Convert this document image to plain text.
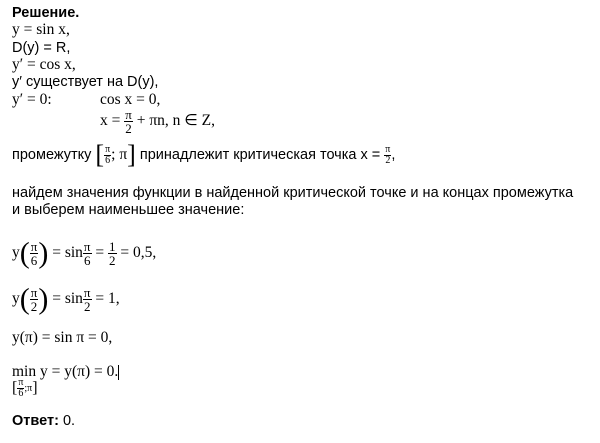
Решение.
y = sin x,
D(y) = R,
y′ = cos x,
y′ существует на D(y),
y′ = 0:	cos x = 0,
$x = \frac{\pi}{2} + \pi n$, n ∈ Z,
промежутку [ $\frac{\pi}{6}$ ; π] принадлежит критическая точка $x = \frac{\pi}{2}$ ,
найдем значения функции в найденной критической точке и на концах промежутка
и выберем наименьшее значение:
$y( \frac{\pi}{6}$ ) = $\sin \frac{\pi}{6} = \frac{1}{2} = 0,5$,
$y( \frac{\pi}{2}$ ) = $\sin \frac{\pi}{2} = 1$,
y(π) = sin π = 0,
min y = y(π) = 0.
[ $\frac{\pi}{6}$ ;π]
Ответ: 0.
